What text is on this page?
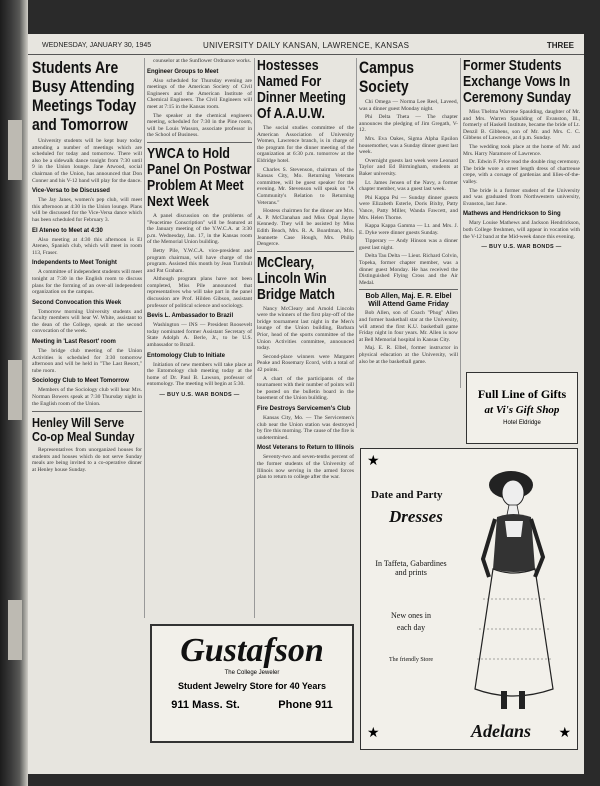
WEDNESDAY, JANUARY 30, 1945	UNIVERSITY DAILY KANSAN, LAWRENCE, KANSAS	THREE
Students Are Busy Attending Meetings Today and Tomorrow

University students will be kept busy today attending a number of meetings which are scheduled for today and tomorrow. There will also be a sidewalk dance tonight from 7:30 until 9 in the Union lounge. Jane Atwood, social chairman of the Union, has announced that Don Conner and his V-12 band will play for the dance.

Vice-Versa to be Discussed

The Jay Janes, women's pep club, will meet this afternoon at 4:30 in the Union lounge. Plans will be discussed for the Vice-Versa dance which has been scheduled for February 3.

El Ateneo to Meet at 4:30

Also meeting at 4:30 this afternoon is El Ateneo, Spanish club, which will meet in room 113, Fraser.

Independents to Meet Tonight

A committee of independent students will meet tonight at 7:30 in the English room to discuss plans for the forming of an over-all independent organization on the campus.

Second Convocation this Week

Tomorrow morning University students and faculty members will hear W. White, assistant to the dean of the College, speak at the second convocation of the week.

Meeting in 'Last Resort' room

The bridge club meeting of the Union Activities is scheduled for 3:30 tomorrow afternoon and will be held in "The Last Resort," tube room.

Sociology Club to Meet Tomorrow

Members of the Sociology club will hear Mrs. Norman Bowers speak at 7:30 Thursday night in the English room of the Union.

Henley Will Serve Co-op Meal Sunday

Representatives from unorganized houses for students and houses which do not serve Sunday meals are being invited to a co-operative dinner at Henley house Sunday.

counselor at the Sunflower Ordnance works.

Engineer Groups to Meet

Also scheduled for Thursday evening are meetings of the American Society of Civil Engineers and the American Institute of Chemical Engineers. The Civil Engineers will meet at 7:15 in the Kansas room.

The speaker at the chemical engineers meeting, scheduled for 7:30 in the Pine room, will be Louis Wasson, associate professor in the School of Business.

YWCA to Hold Panel On Postwar Problem At Meet Next Week

A panel discussion on the problems of "Peacetime Conscription" will be featured at the January meeting of the Y.W.C.A. at 3:30 p.m. Wednesday, Jan. 17, in the Kansas room of the Memorial Union building.

Betty Pile, Y.W.C.A. vice-president and program chairman, will have charge of the program. Assisted this month by Jean Turnbull and Pat Graham.

Although program plans have not been completed, Miss Pile announced that representatives who will take part in the panel discussion are Prof. Hilden Gibson, assistant professor of political science and sociology.

Bevis L. Ambassador to Brazil

Washington — INS — President Roosevelt today nominated former Assistant Secretary of State Adolph A. Berle, Jr., to be U.S. ambassador to Brazil.

Entomology Club to Initiate

Initiation of new members will take place at the Entomology club meeting today at the home of Dr. Paul B. Lawson, professor of entomology. The meeting will begin at 5:30.

— BUY U.S. WAR BONDS —
Hostesses Named For Dinner Meeting Of A.A.U.W.

The social studies committee of the American Association of University Women, Lawrence branch, is in charge of the program for the dinner meeting of the organization at 6:30 p.m. tomorrow at the Eldridge hotel.

Charles S. Stevenson, chairman of the Kansas City, Mo. Returning Veterans committee, will be guest speaker for the evening. Mr. Stevenson will speak on "A Community's Relation to Returning Veterans."

Hostess chairmen for the dinner are Mrs. A. P. McClanahan and Miss Opal Jayne Kennedy. They will be assisted by Miss Edith Beach, Mrs. R. A. Boardman, Mrs. Jeannette Case Hough, Mrs. Philip Dengerce.

McCleary, Lincoln Win Bridge Match

Nancy McCleary and Arnold Lincoln were the winners of the first play-off of the bridge tournament last night in the Men's lounge of the Union building, Barbara Prior, head of the sports committee of the Union Activities committee, announced today.

Second-place winners were Margaret Peake and Rosemary Ecord, with a total of 42 points.

A chart of the participants of the tournament with their number of points will be posted on the bulletin board in the basement of the Union building.

Fire Destroys Servicemen's Club

Kansas City, Mo. — The Servicemen's club near the Union station was destroyed by fire this morning. The cause of the fire is undetermined.

Most Veterans to Return to Illinois

Seventy-two and seven-tenths percent of the former students of the University of Illinois now serving in the armed forces plan to return to college after the war.

Campus Society

Chi Omega — Norma Lee Reel, Laveed, was a dinner guest Monday night.

Phi Delta Theta — The chapter announces the pledging of Jim Gregath, V-12.

Mrs. Eva Oakes, Sigma Alpha Epsilon housemother, was a Sunday dinner guest last week.

Overnight guests last week were Leonard Taylor and Ed Birmingham, students at Baker university.

Lt. James Jensen of the Navy, a former chapter member, was a guest last week.

Phi Kappa Psi — Sunday dinner guests were Elizabeth Esterle, Doris Bixby, Patty Vance, Patty Miller, Wanda Fawcett, and Mrs. Helen Thorne.

Kappa Kappa Gamma — Lt. and Mrs. J. E. Dyke were dinner guests Sunday.

Tipperary — Andy Hinson was a dinner guest last night.

Delta Tau Delta — Lieut. Richard Colvin, Topeka, former chapter member, was a dinner guest Monday. He has received the Distinguished Flying Cross and the Air Medal.

Bob Allen, Maj. E. R. Elbel Will Attend Game Friday

Bob Allen, son of Coach "Phog" Allen and former basketball star at the University, will attend the first K.U. basketball game Friday night in four years. Mr. Allen is now at Bell Memorial hospital in Kansas City.

Maj. E. R. Elbel, former instructor in physical education at the University, will also be at the basketball game.

Former Students Exchange Vows In Ceremony Sunday

Miss Thelma Warrene Spaulding, daughter of Mr. and Mrs. Warren Spaulding of Evanston, Ill., formerly of Haskell Institute, became the bride of Lt. Denzil B. Gibbens, son of Mr. and Mrs. C. C. Gibbens of Lawrence, at 4 p.m. Sunday.

The wedding took place at the home of Mr. and Mrs. Harry Naramore of Lawrence.

Dr. Edwin F. Price read the double ring ceremony. The bride wore a street length dress of chartreuse crepe, with a corsage of gardenias and lilies-of-the-valley.

The bride is a former student of the University and was graduated from Northwestern university, Evanston, last June.

Mathews and Hendrickson to Sing

Mary Louise Mathews and Jackson Hendrickson, both College freshmen, will appear in vocation with the V-12 band at the Mid-week dance this evening.

— BUY U.S. WAR BONDS —
Full Line of Gifts
at Vi's Gift Shop
Hotel Eldridge
Gustafson
The College Jeweler
Student Jewelry Store for 40 Years
911 Mass. St.	Phone 911
Date and Party
Dresses
In Taffeta, Gabardines and prints
New ones in
each day
The friendly Store
Adelans
★
★	★
